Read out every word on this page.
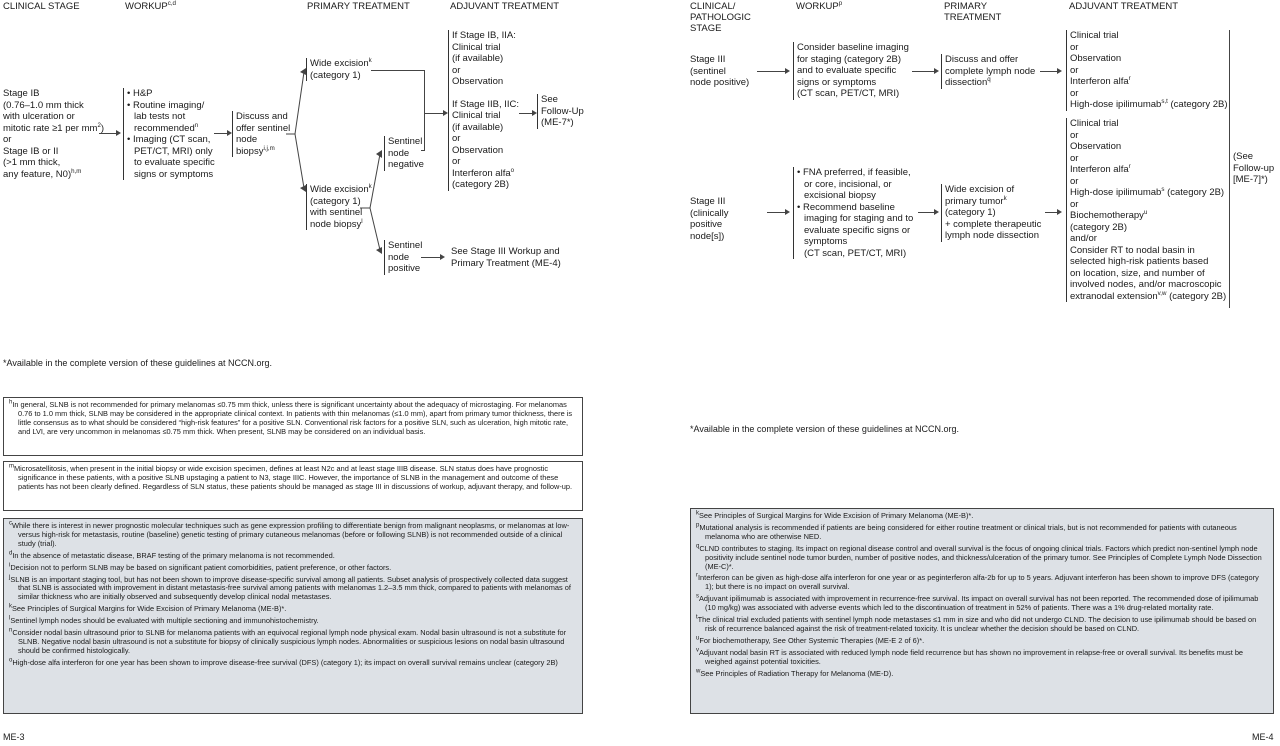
CLINICAL STAGE	WORKUP$^{c,d}$	PRIMARY TREATMENT	ADJUVANT TREATMENT
Stage IB
(0.76–1.0 mm thick
with ulceration or
mitotic rate ≥1 per $mm^2$)
or
Stage IB or II
(>1 mm thick,
any feature, N0)$^{h,m}$
• H&P
• Routine imaging/
lab tests not
recommended$^n$
• Imaging (CT scan,
PET/CT, MRI) only
to evaluate specific
signs or symptoms
Discuss and
offer sentinel
node
biopsy$^{i,j,m}$
Wide excision$^k$
(category 1)
Wide excision$^k$
(category 1)
with sentinel
node biopsy$^l$
Sentinel
node
negative
Sentinel
node
positive
If Stage IB, IIA:
Clinical trial
(if available)
or
Observation
If Stage IIB, IIC:
Clinical trial
(if available)
or
Observation
or
Interferon alfa$^o$
(category 2B)
See
Follow-Up
(ME-7*)
See Stage III Workup and
Primary Treatment (ME-4)
*Available in the complete version of these guidelines at NCCN.org.
$^h$In general, SLNB is not recommended for primary melanomas ≤0.75 mm thick, unless there is significant uncertainty about the adequacy of microstaging. For melanomas 0.76 to 1.0 mm thick, SLNB may be considered in the appropriate clinical context. In patients with thin melanomas (≤1.0 mm), apart from primary tumor thickness, there is little consensus as to what should be considered “high-risk features” for a positive SLN. Conventional risk factors for a positive SLN, such as ulceration, high mitotic rate, and LVI, are very uncommon in melanomas ≤0.75 mm thick. When present, SLNB may be considered on an individual basis.
$^m$Microsatellitosis, when present in the initial biopsy or wide excision specimen, defines at least N2c and at least stage IIIB disease. SLN status does have prognostic significance in these patients, with a positive SLNB upstaging a patient to N3, stage IIIC. However, the importance of SLNB in the management and outcome of these patients has not been clearly defined. Regardless of SLN status, these patients should be managed as stage III in discussions of workup, adjuvant therapy, and follow-up.
$^c$While there is interest in newer prognostic molecular techniques such as gene expression profiling to differentiate benign from malignant neoplasms, or melanomas at low- versus high-risk for metastasis, routine (baseline) genetic testing of primary cutaneous melanomas (before or following SLNB) is not recommended outside of a clinical study (trial).
$^d$In the absence of metastatic disease, BRAF testing of the primary melanoma is not recommended.
$^i$Decision not to perform SLNB may be based on significant patient comorbidities, patient preference, or other factors.
$^j$SLNB is an important staging tool, but has not been shown to improve disease-specific survival among all patients. Subset analysis of prospectively collected data suggest that SLNB is associated with improvement in distant metastasis-free survival among patients with melanomas 1.2–3.5 mm thick, compared to patients with melanomas of similar thickness who are initially observed and subsequently develop clinical nodal metastases.
$^k$See Principles of Surgical Margins for Wide Excision of Primary Melanoma (ME-B)*.
$^l$Sentinel lymph nodes should be evaluated with multiple sectioning and immunohistochemistry.
$^n$Consider nodal basin ultrasound prior to SLNB for melanoma patients with an equivocal regional lymph node physical exam. Nodal basin ultrasound is not a substitute for SLNB. Negative nodal basin ultrasound is not a substitute for biopsy of clinically suspicious lymph nodes. Abnormalities or suspicious lesions on nodal basin ultrasound should be confirmed histologically.
$^o$High-dose alfa interferon for one year has been shown to improve disease-free survival (DFS) (category 1); its impact on overall survival remains unclear (category 2B)
ME-3
CLINICAL/
PATHOLOGIC
STAGE
WORKUP$^p$	PRIMARY
TREATMENT
ADJUVANT TREATMENT
Stage III
(sentinel
node positive)
Consider baseline imaging
for staging (category 2B)
and to evaluate specific
signs or symptoms
(CT scan, PET/CT, MRI)
Discuss and offer
complete lymph node
dissection$^q$
Clinical trial
or
Observation
or
Interferon alfa$^r$
or
High-dose ipilimumab$^{s,t}$ (category 2B)
Stage III
(clinically positive
node[s])
• FNA preferred, if feasible,
or core, incisional, or
excisional biopsy
• Recommend baseline
imaging for staging and to
evaluate specific signs or
symptoms
(CT scan, PET/CT, MRI)
Wide excision of
primary tumor$^k$
(category 1)
+ complete therapeutic
lymph node dissection
Clinical trial
or
Observation
or
Interferon alfa$^r$
or
High-dose ipilimumab$^s$ (category 2B)
or
Biochemotherapy$^u$
(category 2B)
and/or
Consider RT to nodal basin in
selected high-risk patients based
on location, size, and number of
involved nodes, and/or macroscopic
extranodal extension$^{v,w}$ (category 2B)
(See
Follow-up
[ME-7]*)
*Available in the complete version of these guidelines at NCCN.org.
$^k$See Principles of Surgical Margins for Wide Excision of Primary Melanoma (ME-B)*.
$^p$Mutational analysis is recommended if patients are being considered for either routine treatment or clinical trials, but is not recommended for patients with cutaneous melanoma who are otherwise NED.
$^q$CLND contributes to staging. Its impact on regional disease control and overall survival is the focus of ongoing clinical trials. Factors which predict non-sentinel lymph node positivity include sentinel node tumor burden, number of positive nodes, and thickness/ulceration of the primary tumor. See Principles of Complete Lymph Node Dissection (ME-C)*.
$^r$Interferon can be given as high-dose alfa interferon for one year or as peginterferon alfa-2b for up to 5 years. Adjuvant interferon has been shown to improve DFS (category 1); but there is no impact on overall survival.
$^s$Adjuvant ipilimumab is associated with improvement in recurrence-free survival. Its impact on overall survival has not been reported. The recommended dose of ipilimumab (10 mg/kg) was associated with adverse events which led to the discontinuation of treatment in 52% of patients. There was a 1% drug-related mortality rate.
$^t$The clinical trial excluded patients with sentinel lymph node metastases ≤1 mm in size and who did not undergo CLND. The decision to use ipilimumab should be based on risk of recurrence balanced against the risk of treatment-related toxicity. It is unclear whether the decision should be based on CLND.
$^u$For biochemotherapy, See Other Systemic Therapies (ME-E 2 of 6)*.
$^v$Adjuvant nodal basin RT is associated with reduced lymph node field recurrence but has shown no improvement in relapse-free or overall survival. Its benefits must be weighed against potential toxicities.
$^w$See Principles of Radiation Therapy for Melanoma (ME-D).
ME-4
